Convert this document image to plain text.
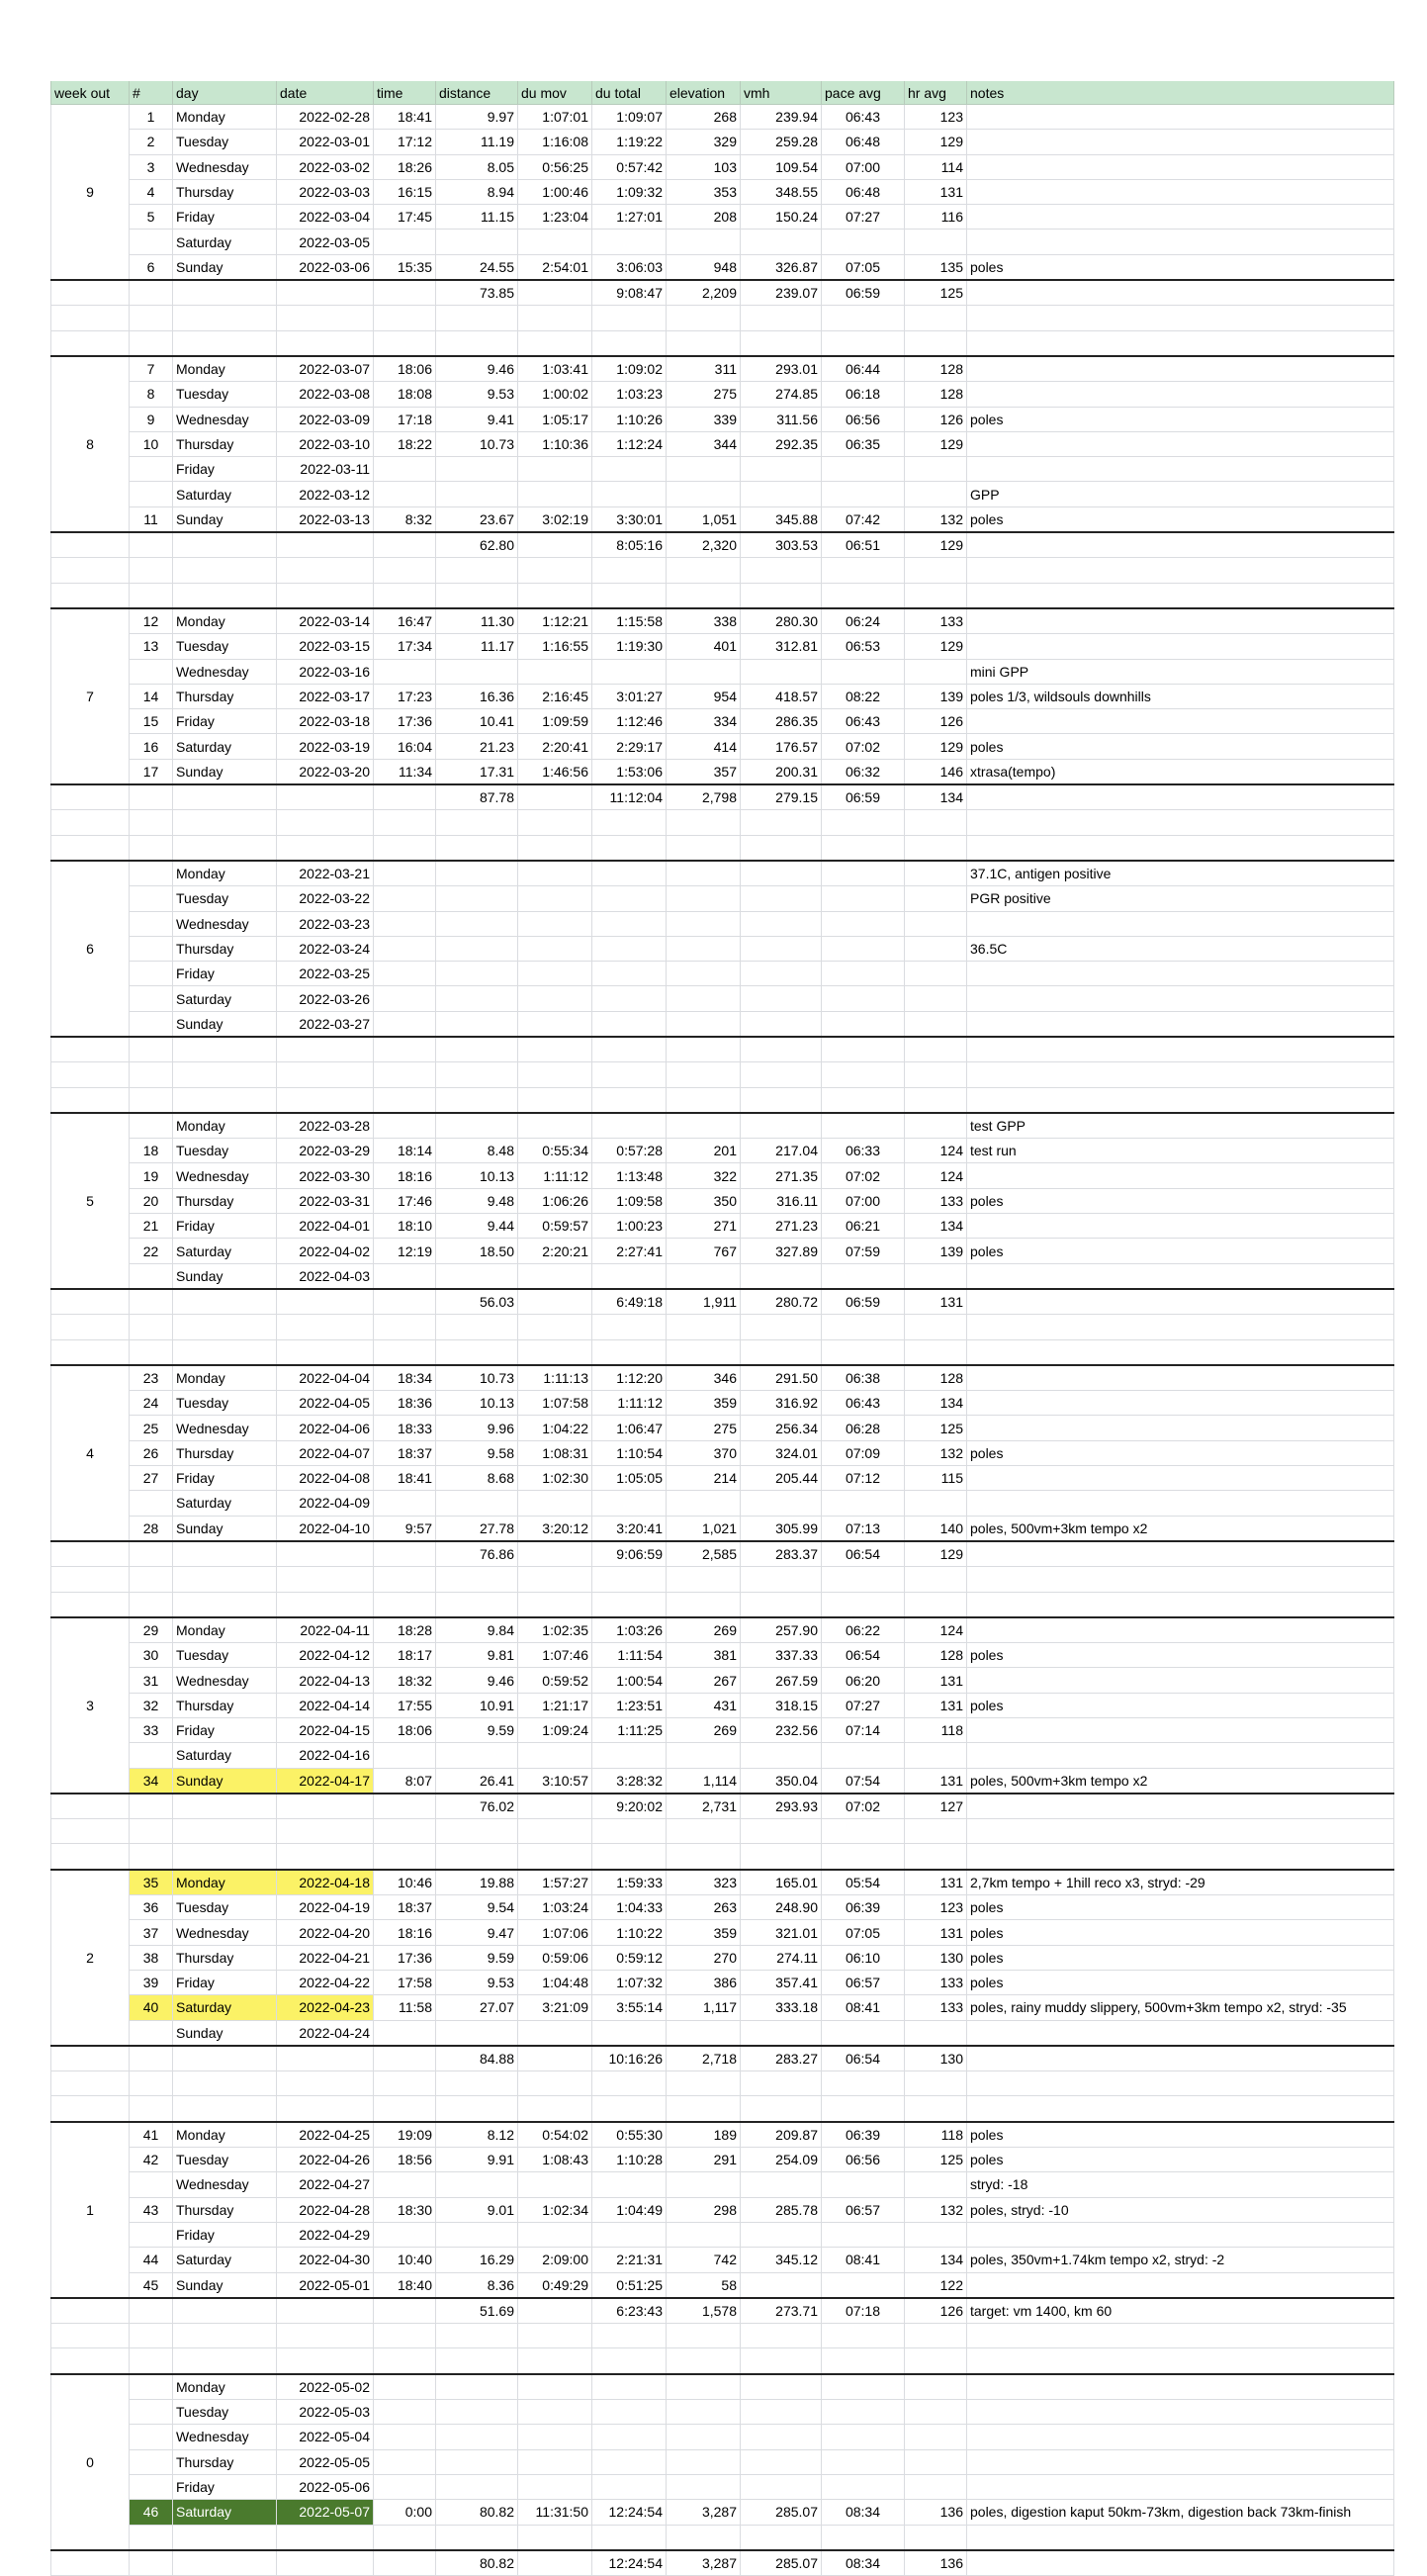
week out	#	day	date	time	distance	du mov	du total	elevation	vmh	pace avg	hr avg	notes
9	1	Monday	2022-02-28	18:41	9.97	1:07:01	1:09:07	268	239.94	06:43	123	
	2	Tuesday	2022-03-01	17:12	11.19	1:16:08	1:19:22	329	259.28	06:48	129	
	3	Wednesday	2022-03-02	18:26	8.05	0:56:25	0:57:42	103	109.54	07:00	114	
	4	Thursday	2022-03-03	16:15	8.94	1:00:46	1:09:32	353	348.55	06:48	131	
	5	Friday	2022-03-04	17:45	11.15	1:23:04	1:27:01	208	150.24	07:27	116	
		Saturday	2022-03-05									
	6	Sunday	2022-03-06	15:35	24.55	2:54:01	3:06:03	948	326.87	07:05	135	poles
					73.85		9:08:47	2,209	239.07	06:59	125	

8	7	Monday	2022-03-07	18:06	9.46	1:03:41	1:09:02	311	293.01	06:44	128	
	8	Tuesday	2022-03-08	18:08	9.53	1:00:02	1:03:23	275	274.85	06:18	128	
	9	Wednesday	2022-03-09	17:18	9.41	1:05:17	1:10:26	339	311.56	06:56	126	poles
	10	Thursday	2022-03-10	18:22	10.73	1:10:36	1:12:24	344	292.35	06:35	129	
		Friday	2022-03-11									
		Saturday	2022-03-12									GPP
	11	Sunday	2022-03-13	8:32	23.67	3:02:19	3:30:01	1,051	345.88	07:42	132	poles
					62.80		8:05:16	2,320	303.53	06:51	129	

7	12	Monday	2022-03-14	16:47	11.30	1:12:21	1:15:58	338	280.30	06:24	133	
	13	Tuesday	2022-03-15	17:34	11.17	1:16:55	1:19:30	401	312.81	06:53	129	
		Wednesday	2022-03-16									mini GPP
	14	Thursday	2022-03-17	17:23	16.36	2:16:45	3:01:27	954	418.57	08:22	139	poles 1/3, wildsouls downhills
	15	Friday	2022-03-18	17:36	10.41	1:09:59	1:12:46	334	286.35	06:43	126	
	16	Saturday	2022-03-19	16:04	21.23	2:20:41	2:29:17	414	176.57	07:02	129	poles
	17	Sunday	2022-03-20	11:34	17.31	1:46:56	1:53:06	357	200.31	06:32	146	xtrasa(tempo)
					87.78		11:12:04	2,798	279.15	06:59	134	

6		Monday	2022-03-21									37.1C, antigen positive
		Tuesday	2022-03-22									PGR positive
		Wednesday	2022-03-23									
		Thursday	2022-03-24									36.5C
		Friday	2022-03-25									
		Saturday	2022-03-26									
		Sunday	2022-03-27									

5		Monday	2022-03-28									test GPP
	18	Tuesday	2022-03-29	18:14	8.48	0:55:34	0:57:28	201	217.04	06:33	124	test run
	19	Wednesday	2022-03-30	18:16	10.13	1:11:12	1:13:48	322	271.35	07:02	124	
	20	Thursday	2022-03-31	17:46	9.48	1:06:26	1:09:58	350	316.11	07:00	133	poles
	21	Friday	2022-04-01	18:10	9.44	0:59:57	1:00:23	271	271.23	06:21	134	
	22	Saturday	2022-04-02	12:19	18.50	2:20:21	2:27:41	767	327.89	07:59	139	poles
		Sunday	2022-04-03									
					56.03		6:49:18	1,911	280.72	06:59	131	

4	23	Monday	2022-04-04	18:34	10.73	1:11:13	1:12:20	346	291.50	06:38	128	
	24	Tuesday	2022-04-05	18:36	10.13	1:07:58	1:11:12	359	316.92	06:43	134	
	25	Wednesday	2022-04-06	18:33	9.96	1:04:22	1:06:47	275	256.34	06:28	125	
	26	Thursday	2022-04-07	18:37	9.58	1:08:31	1:10:54	370	324.01	07:09	132	poles
	27	Friday	2022-04-08	18:41	8.68	1:02:30	1:05:05	214	205.44	07:12	115	
		Saturday	2022-04-09									
	28	Sunday	2022-04-10	9:57	27.78	3:20:12	3:20:41	1,021	305.99	07:13	140	poles, 500vm+3km tempo x2
					76.86		9:06:59	2,585	283.37	06:54	129	

3	29	Monday	2022-04-11	18:28	9.84	1:02:35	1:03:26	269	257.90	06:22	124	
	30	Tuesday	2022-04-12	18:17	9.81	1:07:46	1:11:54	381	337.33	06:54	128	poles
	31	Wednesday	2022-04-13	18:32	9.46	0:59:52	1:00:54	267	267.59	06:20	131	
	32	Thursday	2022-04-14	17:55	10.91	1:21:17	1:23:51	431	318.15	07:27	131	poles
	33	Friday	2022-04-15	18:06	9.59	1:09:24	1:11:25	269	232.56	07:14	118	
		Saturday	2022-04-16									
	34	Sunday	2022-04-17	8:07	26.41	3:10:57	3:28:32	1,114	350.04	07:54	131	poles, 500vm+3km tempo x2
					76.02		9:20:02	2,731	293.93	07:02	127	

2	35	Monday	2022-04-18	10:46	19.88	1:57:27	1:59:33	323	165.01	05:54	131	2,7km tempo + 1hill reco x3, stryd: -29
	36	Tuesday	2022-04-19	18:37	9.54	1:03:24	1:04:33	263	248.90	06:39	123	poles
	37	Wednesday	2022-04-20	18:16	9.47	1:07:06	1:10:22	359	321.01	07:05	131	poles
	38	Thursday	2022-04-21	17:36	9.59	0:59:06	0:59:12	270	274.11	06:10	130	poles
	39	Friday	2022-04-22	17:58	9.53	1:04:48	1:07:32	386	357.41	06:57	133	poles
	40	Saturday	2022-04-23	11:58	27.07	3:21:09	3:55:14	1,117	333.18	08:41	133	poles, rainy muddy slippery, 500vm+3km tempo x2, stryd: -35
		Sunday	2022-04-24									
					84.88		10:16:26	2,718	283.27	06:54	130	

1	41	Monday	2022-04-25	19:09	8.12	0:54:02	0:55:30	189	209.87	06:39	118	poles
	42	Tuesday	2022-04-26	18:56	9.91	1:08:43	1:10:28	291	254.09	06:56	125	poles
		Wednesday	2022-04-27									stryd: -18
	43	Thursday	2022-04-28	18:30	9.01	1:02:34	1:04:49	298	285.78	06:57	132	poles, stryd: -10
		Friday	2022-04-29									
	44	Saturday	2022-04-30	10:40	16.29	2:09:00	2:21:31	742	345.12	08:41	134	poles, 350vm+1.74km tempo x2, stryd: -2
	45	Sunday	2022-05-01	18:40	8.36	0:49:29	0:51:25	58			122	
					51.69		6:23:43	1,578	273.71	07:18	126	target: vm 1400, km 60

0		Monday	2022-05-02									
		Tuesday	2022-05-03									
		Wednesday	2022-05-04									
		Thursday	2022-05-05									
		Friday	2022-05-06									
	46	Saturday	2022-05-07	0:00	80.82	11:31:50	12:24:54	3,287	285.07	08:34	136	poles, digestion kaput 50km-73km, digestion back 73km-finish

					80.82		12:24:54	3,287	285.07	08:34	136	
